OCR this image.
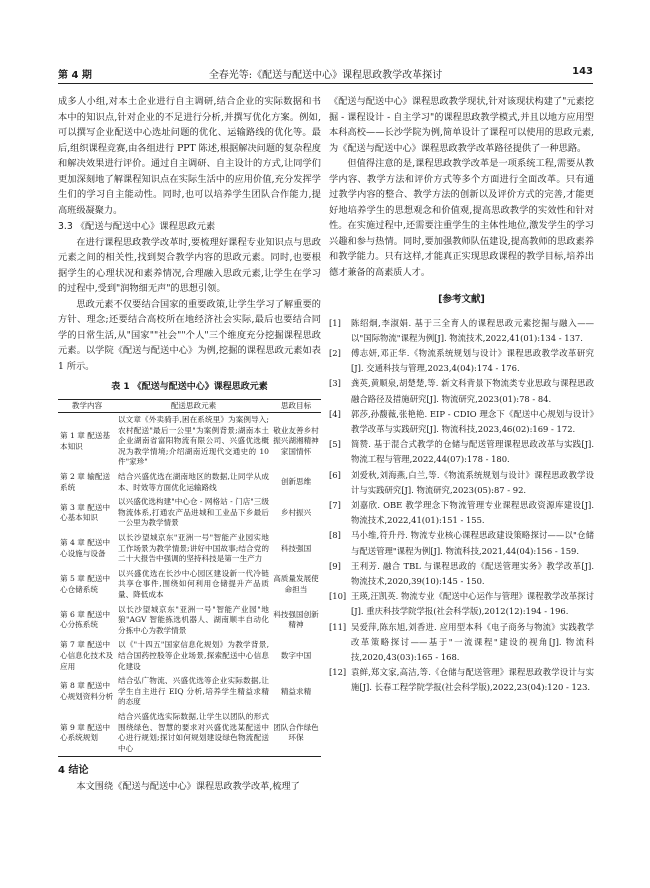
第 4 期	全春光等:《配送与配送中心》课程思政教学改革探讨	143

成多人小组,对本土企业进行自主调研,结合企业的实际数据和书本中的知识点,针对企业的不足进行分析,并撰写优化方案。例如,可以撰写企业配送中心选址问题的优化、运输路线的优化等。最后,组织课程竞赛,由各组进行 PPT 陈述,根据解决问题的复杂程度和解决效果进行评价。通过自主调研、自主设计的方式,让同学们更加深刻地了解课程知识点在实际生活中的应用价值,充分发挥学生们的学习自主能动性。同时,也可以培养学生团队合作能力,提高班级凝聚力。

3.3 《配送与配送中心》课程思政元素

在进行课程思政教学改革时,要梳理好课程专业知识点与思政元素之间的相关性,找到契合教学内容的思政元素。同时,也要根据学生的心理状况和素养情况,合理融入思政元素,让学生在学习的过程中,受到"润物细无声"的思想引领。

思政元素不仅要结合国家的重要政策,让学生学习了解重要的方针、理念;还要结合高校所在地经济社会实际,最后也要结合同学的日常生活,从"国家""社会""个人"三个维度充分挖掘课程思政元素。以学院《配送与配送中心》为例,挖掘的课程思政元素如表 1 所示。

表 1 《配送与配送中心》课程思政元素
教学内容	配送思政元素	思政目标
第 1 章 配送基本知识	以文章《外卖骑手,困在系统里》为案例导入;农村配送"最后一公里"为案例背景;湖南本土企业湖南省富阳物流有限公司、兴盛优选概况为教学情境;介绍湖南近现代交通史的 10 件"家珍"	敬业友善乡村振兴湖湘精神家国情怀
第 2 章 输配送系统	结合兴盛优选在湖南地区的数据,让同学从成本、时效等方面优化运输路线	创新思维
第 3 章 配送中心基本知识	以兴盛优选构建"中心仓 - 网格站 - 门店"三级物流体系,打通农产品进城和工业品下乡最后一公里为教学情景	乡村振兴
第 4 章 配送中心设施与设备	以长沙望城京东"亚洲一号"智能产业园实地工作场景为教学情景;讲好中国故事;结合党的二十大报告中强调的坚持科技是第一生产力	科技强国
第 5 章 配送中心仓储系统	以兴盛优选在长沙中心园区建设新一代冷链共享仓事件,围绕如何利用仓储提升产品质量、降低成本	高质量发展使命担当
第 6 章 配送中心分拣系统	以长沙望城京东"亚洲一号"智能产业园"地狼"AGV 智能拣选机器人、湖南顺丰自动化分拣中心为教学情景	科技强国创新精神
第 7 章 配送中心信息化技术及应用	以《"十四五"国家信息化规划》为教学背景,结合国药控股等企业场景,探索配送中心信息化建设	数字中国
第 8 章 配送中心规划资料分析	结合弘广物流、兴盛优选等企业实际数据,让学生自主进行 EIQ 分析,培养学生精益求精的态度	精益求精
第 9 章 配送中心系统规划	结合兴盛优选实际数据,让学生以团队的形式围绕绿色、智慧的要求对兴盛优选某配送中心进行规划;探讨如何规划建设绿色物流配送中心	团队合作绿色环保
4 结论

本文围绕《配送与配送中心》课程思政教学改革,梳理了

《配送与配送中心》课程思政教学现状,针对该现状构建了"元素挖掘 - 课程设计 - 自主学习"的课程思政教学模式,并且以地方应用型本科高校——长沙学院为例,简单设计了课程可以使用的思政元素,为《配送与配送中心》课程思政教学改革路径提供了一种思路。

但值得注意的是,课程思政教学改革是一项系统工程,需要从教学内容、教学方法和评价方式等多个方面进行全面改革。只有通过教学内容的整合、教学方法的创新以及评价方式的完善,才能更好地培养学生的思想观念和价值观,提高思政教学的实效性和针对性。在实施过程中,还需要注重学生的主体性地位,激发学生的学习兴趣和参与热情。同时,要加强教师队伍建设,提高教师的思政素养和教学能力。只有这样,才能真正实现思政课程的教学目标,培养出德才兼备的高素质人才。

[参考文献]
[1]	陈绍炯,李淑娟. 基于三全育人的课程思政元素挖掘与融入——以"国际物流"课程为例[J]. 物流技术,2022,41(01):134 - 137.
[2]	傅志妍,邓正华.《物流系统规划与设计》课程思政教学改革研究[J]. 交通科技与管理,2023,4(04):174 - 176.
[3]	龚英,黄顺泉,胡楚楚,等. 新文科背景下物流类专业思政与课程思政融合路径及措施研究[J]. 物流研究,2023(01):78 - 84.
[4]	郭莎,孙馥薇,张艳艳. EIP - CDIO 理念下《配送中心规划与设计》教学改革与实践研究[J]. 物流科技,2023,46(02):169 - 172.
[5]	简赞. 基于混合式教学的仓储与配送管理课程思政改革与实践[J]. 物流工程与管理,2022,44(07):178 - 180.
[6]	刘爱秋,刘海燕,白兰,等.《物流系统规划与设计》课程思政教学设计与实践研究[J]. 物流研究,2023(05):87 - 92.
[7]	刘嘉欣. OBE 教学理念下物流管理专业课程思政资源库建设[J]. 物流技术,2022,41(01):151 - 155.
[8]	马小维,符升丹. 物流专业核心课程思政建设策略探讨——以"仓储与配送管理"课程为例[J]. 物流科技,2021,44(04):156 - 159.
[9]	王利芳. 融合 TBL 与课程思政的《配送管理实务》教学改革[J]. 物流技术,2020,39(10):145 - 150.
[10] 王瑛,汪凯英. 物流专业《配送中心运作与管理》课程教学改革探讨[J]. 重庆科技学院学报(社会科学版),2012(12):194 - 196.
[11] 吴爱萍,陈东旭,刘香进. 应用型本科《电子商务与物流》实践教学改革策略探讨——基于"一流课程"建设的视角[J]. 物流科技,2020,43(03):165 - 168.
[12] 袁鲜,郑文家,高洁,等.《仓储与配送管理》课程思政教学设计与实施[J]. 长春工程学院学报(社会科学版),2022,23(04):120 - 123.
